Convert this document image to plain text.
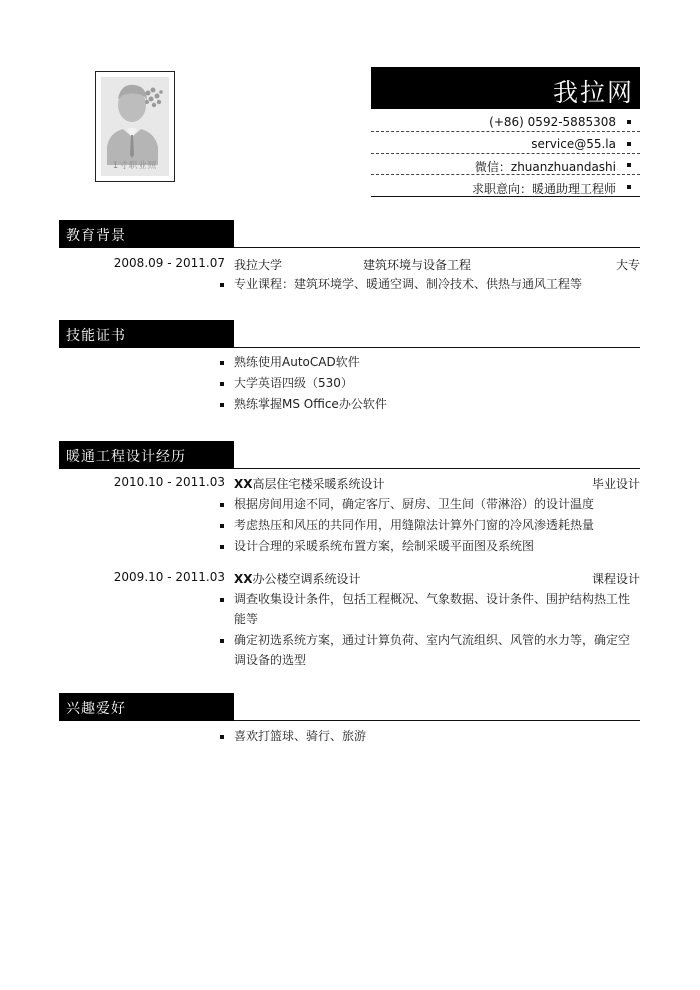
1寸职业照
我拉网
(+86) 0592-5885308
service@55.la
微信：zhuanzhuandashi
求职意向：暖通助理工程师
教育背景
2008.09 - 2011.07 我拉大学	建筑环境与设备工程	大专
专业课程：建筑环境学、暖通空调、制冷技术、供热与通风工程等
技能证书
熟练使用AutoCAD软件
大学英语四级（530）
熟练掌握MS Office办公软件
暖通工程设计经历
2010.10 - 2011.03 XX高层住宅楼采暖系统设计	毕业设计
根据房间用途不同，确定客厅、厨房、卫生间（带淋浴）的设计温度
考虑热压和风压的共同作用，用缝隙法计算外门窗的冷风渗透耗热量
设计合理的采暖系统布置方案，绘制采暖平面图及系统图
2009.10 - 2011.03 XX办公楼空调系统设计	课程设计
调查收集设计条件，包括工程概况、气象数据、设计条件、围护结构热工性能等
确定初选系统方案，通过计算负荷、室内气流组织、风管的水力等，确定空调设备的选型
兴趣爱好
喜欢打篮球、骑行、旅游
